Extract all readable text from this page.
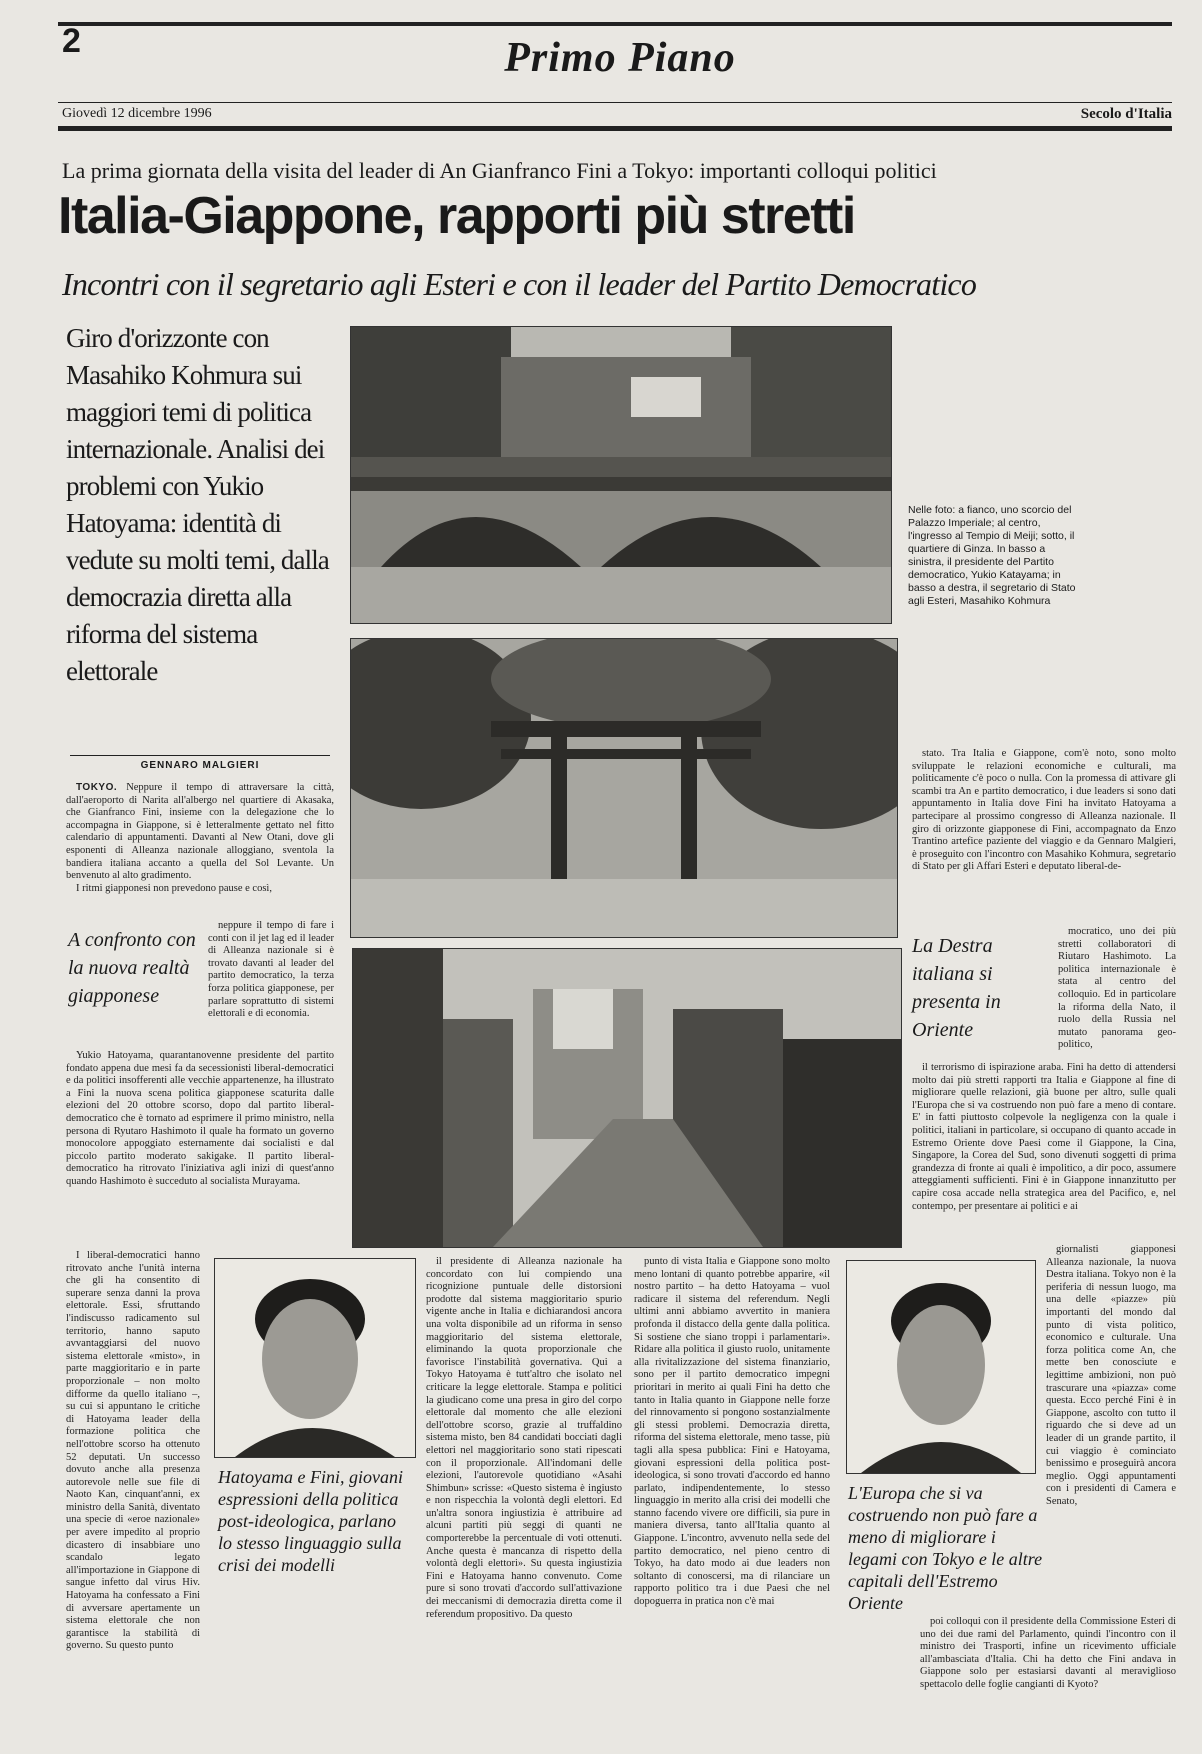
2	Primo Piano
Giovedì 12 dicembre 1996	Secolo d'Italia
La prima giornata della visita del leader di An Gianfranco Fini a Tokyo: importanti colloqui politici
Italia-Giappone, rapporti più stretti
Incontri con il segretario agli Esteri e con il leader del Partito Democratico
Giro d'orizzonte con Masahiko Kohmura sui maggiori temi di politica internazionale. Analisi dei problemi con Yukio Hatoyama: identità di vedute su molti temi, dalla democrazia diretta alla riforma del sistema elettorale
Nelle foto: a fianco, uno scorcio del Palazzo Imperiale; al centro, l'ingresso al Tempio di Meiji; sotto, il quartiere di Ginza. In basso a sinistra, il presidente del Partito democratico, Yukio Katayama; in basso a destra, il segretario di Stato agli Esteri, Masahiko Kohmura
GENNARO MALGIERI

TOKYO. Neppure il tempo di attraversare la città, dall'aeroporto di Narita all'albergo nel quartiere di Akasaka, che Gianfranco Fini, insieme con la delegazione che lo accompagna in Giappone, si è letteralmente gettato nel fitto calendario di appuntamenti. Davanti al New Otani, dove gli esponenti di Alleanza nazionale alloggiano, sventola la bandiera italiana accanto a quella del Sol Levante. Un benvenuto al alto gradimento.

I ritmi giapponesi non prevedono pause e così,

A confronto con la nuova realtà giapponese

neppure il tempo di fare i conti con il jet lag ed il leader di Alleanza nazionale si è trovato davanti al leader del partito democratico, la terza forza politica giapponese, per parlare soprattutto di sistemi elettorali e di economia.

Yukio Hatoyama, quarantanovenne presidente del partito fondato appena due mesi fa da secessionisti liberal-democratici e da politici insofferenti alle vecchie appartenenze, ha illustrato a Fini la nuova scena politica giapponese scaturita dalle elezioni del 20 ottobre scorso, dopo dal partito liberal-democratico che è tornato ad esprimere il primo ministro, nella persona di Ryutaro Hashimoto il quale ha formato un governo monocolore appoggiato esternamente dai socialisti e dal piccolo partito moderato sakigake. Il partito liberal-democratico ha ritrovato l'iniziativa agli inizi di quest'anno quando Hashimoto è succeduto al socialista Murayama.

I liberal-democratici hanno ritrovato anche l'unità interna che gli ha consentito di superare senza danni la prova elettorale. Essi, sfruttando l'indiscusso radicamento sul territorio, hanno saputo avvantaggiarsi del nuovo sistema elettorale «misto», in parte maggioritario e in parte proporzionale – non molto difforme da quello italiano –, su cui si appuntano le critiche di Hatoyama leader della formazione politica che nell'ottobre scorso ha ottenuto 52 deputati. Un successo dovuto anche alla presenza autorevole nelle sue file di Naoto Kan, cinquant'anni, ex ministro della Sanità, diventato una specie di «eroe nazionale» per avere impedito al proprio dicastero di insabbiare uno scandalo legato all'importazione in Giappone di sangue infetto dal virus Hiv. Hatoyama ha confessato a Fini di avversare apertamente un sistema elettorale che non garantisce la stabilità di governo. Su questo punto

Hatoyama e Fini, giovani espressioni della politica post-ideologica, parlano lo stesso linguaggio sulla crisi dei modelli

il presidente di Alleanza nazionale ha concordato con lui compiendo una ricognizione puntuale delle distorsioni prodotte dal sistema maggioritario spurio vigente anche in Italia e dichiarandosi ancora una volta disponibile ad un riforma in senso maggioritario del sistema elettorale, eliminando la quota proporzionale che favorisce l'instabilità governativa. Qui a Tokyo Hatoyama è tutt'altro che isolato nel criticare la legge elettorale. Stampa e politici la giudicano come una presa in giro del corpo elettorale dal momento che alle elezioni dell'ottobre scorso, grazie al truffaldino sistema misto, ben 84 candidati bocciati dagli elettori nel maggioritario sono stati ripescati con il proporzionale. All'indomani delle elezioni, l'autorevole quotidiano «Asahi Shimbun» scrisse: «Questo sistema è ingiusto e non rispecchia la volontà degli elettori. Ed un'altra sonora ingiustizia è attribuire ad alcuni partiti più seggi di quanti ne comporterebbe la percentuale di voti ottenuti. Anche questa è mancanza di rispetto della volontà degli elettori». Su questa ingiustizia Fini e Hatoyama hanno convenuto. Come pure si sono trovati d'accordo sull'attivazione dei meccanismi di democrazia diretta come il referendum propositivo. Da questo

punto di vista Italia e Giappone sono molto meno lontani di quanto potrebbe apparire, «il nostro partito – ha detto Hatoyama – vuol radicare il sistema del referendum. Negli ultimi anni abbiamo avvertito in maniera profonda il distacco della gente dalla politica. Si sostiene che siano troppi i parlamentari». Ridare alla politica il giusto ruolo, unitamente alla rivitalizzazione del sistema finanziario, sono per il partito democratico impegni prioritari in merito ai quali Fini ha detto che tanto in Italia quanto in Giappone nelle forze del rinnovamento si pongono sostanzialmente gli stessi problemi. Democrazia diretta, riforma del sistema elettorale, meno tasse, più tagli alla spesa pubblica: Fini e Hatoyama, giovani espressioni della politica post-ideologica, si sono trovati d'accordo ed hanno parlato, indipendentemente, lo stesso linguaggio in merito alla crisi dei modelli che stanno facendo vivere ore difficili, sia pure in maniera diversa, tanto all'Italia quanto al Giappone. L'incontro, avvenuto nella sede del partito democratico, nel pieno centro di Tokyo, ha dato modo ai due leaders non soltanto di conoscersi, ma di rilanciare un rapporto politico tra i due Paesi che nel dopoguerra in pratica non c'è mai

L'Europa che si va costruendo non può fare a meno di migliorare i legami con Tokyo e le altre capitali dell'Estremo Oriente

stato. Tra Italia e Giappone, com'è noto, sono molto sviluppate le relazioni economiche e culturali, ma politicamente c'è poco o nulla. Con la promessa di attivare gli scambi tra An e partito democratico, i due leaders si sono dati appuntamento in Italia dove Fini ha invitato Hatoyama a partecipare al prossimo congresso di Alleanza nazionale. Il giro di orizzonte giapponese di Fini, accompagnato da Enzo Trantino artefice paziente del viaggio e da Gennaro Malgieri, è proseguito con l'incontro con Masahiko Kohmura, segretario di Stato per gli Affari Esteri e deputato liberal-de-

La Destra italiana si presenta in Oriente

mocratico, uno dei più stretti collaboratori di Riutaro Hashimoto. La politica internazionale è stata al centro del colloquio. Ed in particolare la riforma della Nato, il ruolo della Russia nel mutato panorama geo-politico,

il terrorismo di ispirazione araba. Fini ha detto di attendersi molto dai più stretti rapporti tra Italia e Giappone al fine di migliorare quelle relazioni, già buone per altro, sulle quali l'Europa che si va costruendo non può fare a meno di contare. E' in fatti piuttosto colpevole la negligenza con la quale i politici, italiani in particolare, si occupano di quanto accade in Estremo Oriente dove Paesi come il Giappone, la Cina, Singapore, la Corea del Sud, sono divenuti soggetti di prima grandezza di fronte ai quali è impolitico, a dir poco, assumere atteggiamenti sufficienti. Fini è in Giappone innanzitutto per capire cosa accade nella strategica area del Pacifico, e, nel contempo, per presentare ai politici e ai

giornalisti giapponesi Alleanza nazionale, la nuova Destra italiana. Tokyo non è la periferia di nessun luogo, ma una delle «piazze» più importanti del mondo dal punto di vista politico, economico e culturale. Una forza politica come An, che mette ben conosciute e legittime ambizioni, non può trascurare una «piazza» come questa. Ecco perché Fini è in Giappone, ascolto con tutto il riguardo che si deve ad un leader di un grande partito, il cui viaggio è cominciato benissimo e proseguirà ancora meglio. Oggi appuntamenti con i presidenti di Camera e Senato,

poi colloqui con il presidente della Commissione Esteri di uno dei due rami del Parlamento, quindi l'incontro con il ministro dei Trasporti, infine un ricevimento ufficiale all'ambasciata d'Italia. Chi ha detto che Fini andava in Giappone solo per estasiarsi davanti al meraviglioso spettacolo delle foglie cangianti di Kyoto?
